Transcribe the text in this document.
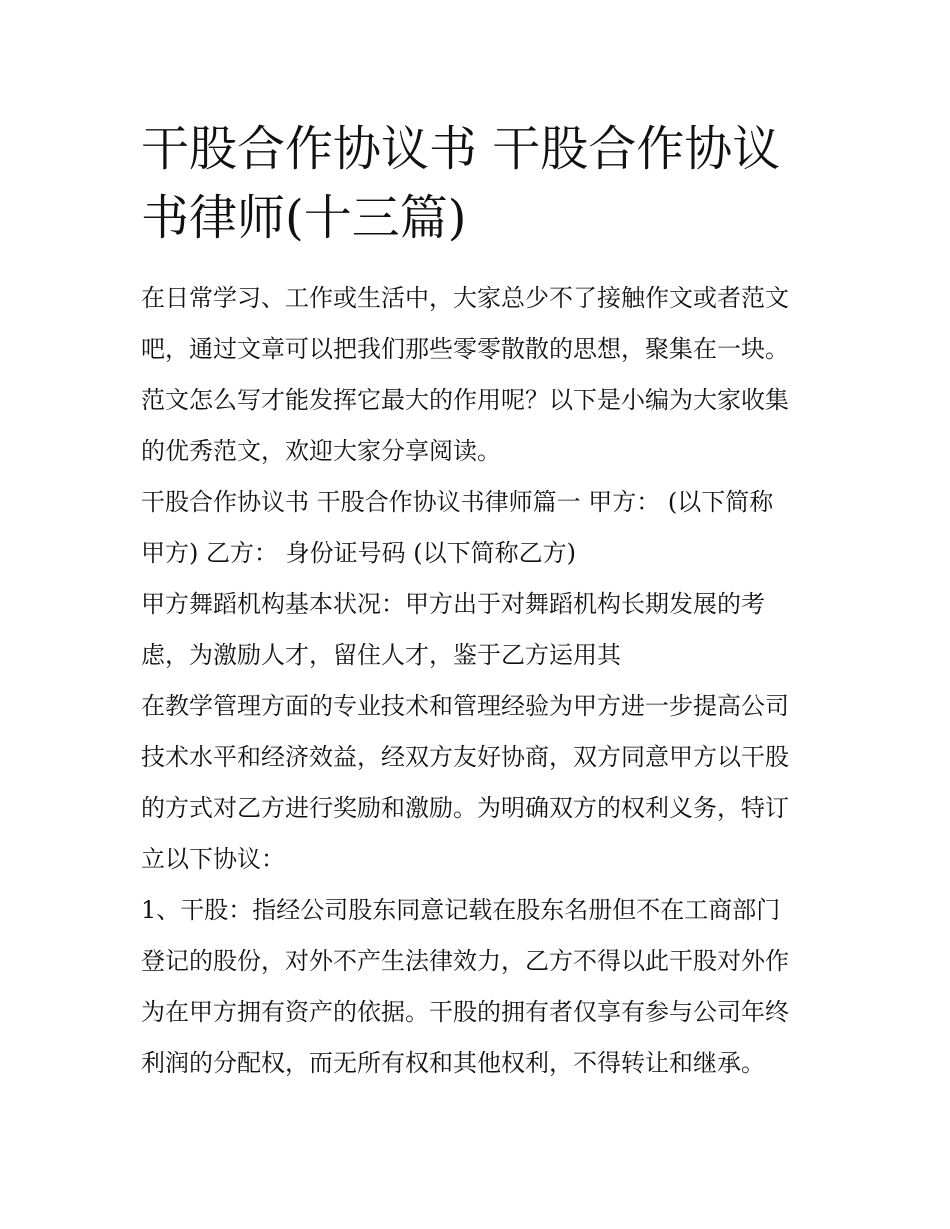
干股合作协议书 干股合作协议
书律师(十三篇)

在日常学习、工作或生活中，大家总少不了接触作文或者范文
吧，通过文章可以把我们那些零零散散的思想，聚集在一块。
范文怎么写才能发挥它最大的作用呢？以下是小编为大家收集
的优秀范文，欢迎大家分享阅读。

干股合作协议书 干股合作协议书律师篇一 甲方： (以下简称
甲方) 乙方： 身份证号码 (以下简称乙方)

甲方舞蹈机构基本状况：甲方出于对舞蹈机构长期发展的考
虑，为激励人才，留住人才，鉴于乙方运用其

在教学管理方面的专业技术和管理经验为甲方进一步提高公司
技术水平和经济效益，经双方友好协商，双方同意甲方以干股
的方式对乙方进行奖励和激励。为明确双方的权利义务，特订
立以下协议：

1、干股：指经公司股东同意记载在股东名册但不在工商部门
登记的股份，对外不产生法律效力，乙方不得以此干股对外作
为在甲方拥有资产的依据。干股的拥有者仅享有参与公司年终
利润的分配权，而无所有权和其他权利，不得转让和继承。
